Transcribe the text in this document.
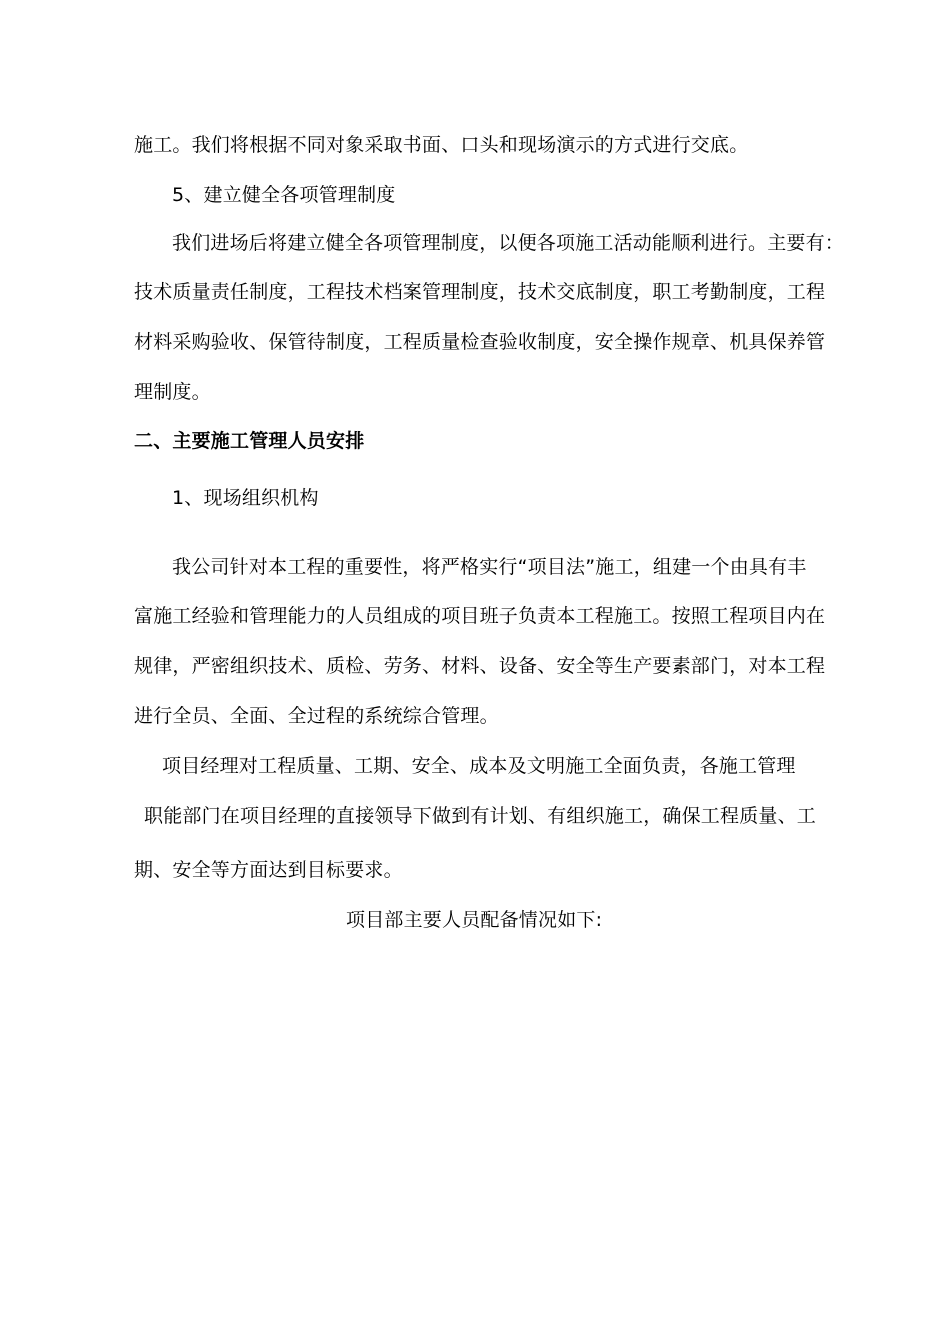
施工。我们将根据不同对象采取书面、口头和现场演示的方式进行交底。
5、建立健全各项管理制度
我们进场后将建立健全各项管理制度，以便各项施工活动能顺利进行。主要有：
技术质量责任制度，工程技术档案管理制度，技术交底制度，职工考勤制度，工程
材料采购验收、保管待制度，工程质量检查验收制度，安全操作规章、机具保养管
理制度。
二、主要施工管理人员安排
1、现场组织机构
我公司针对本工程的重要性，将严格实行“项目法”施工，组建一个由具有丰
富施工经验和管理能力的人员组成的项目班子负责本工程施工。按照工程项目内在
规律，严密组织技术、质检、劳务、材料、设备、安全等生产要素部门，对本工程
进行全员、全面、全过程的系统综合管理。
项目经理对工程质量、工期、安全、成本及文明施工全面负责，各施工管理
职能部门在项目经理的直接领导下做到有计划、有组织施工，确保工程质量、工
期、安全等方面达到目标要求。
项目部主要人员配备情况如下:
